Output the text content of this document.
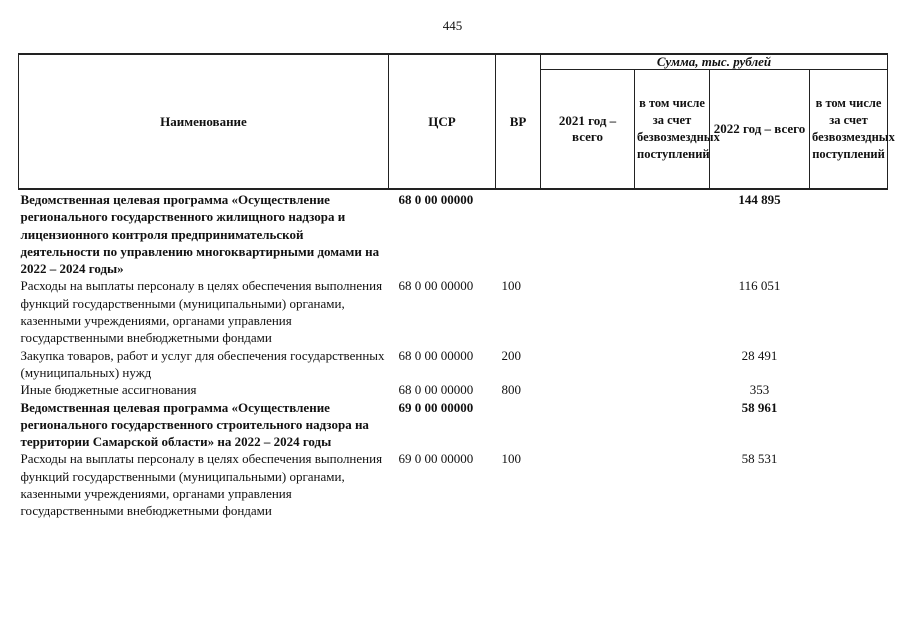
445
Наименование	ЦСР	ВР	Сумма, тыс. рублей			
			2021 год – всего	в том числе за счет безвозмездных поступлений	2022 год – всего	в том числе за счет безвозмездных поступлений
Ведомственная целевая программа «Осуществление регионального государственного жилищного надзора и лицензионного контроля предпринимательской деятельности по управлению многоквартирными домами на 2022 – 2024 годы»	68 0 00 00000				144 895	
Расходы на выплаты персоналу в целях обеспечения выполнения функций государственными (муниципальными) органами, казенными учреждениями, органами управления государственными внебюджетными фондами	68 0 00 00000	100			116 051	
Закупка товаров, работ и услуг для обеспечения государственных (муниципальных) нужд	68 0 00 00000	200			28 491	
Иные бюджетные ассигнования	68 0 00 00000	800			353	
Ведомственная целевая программа «Осуществление регионального государственного строительного надзора на территории Самарской области» на 2022 – 2024 годы	69 0 00 00000				58 961	
Расходы на выплаты персоналу в целях обеспечения выполнения функций государственными (муниципальными) органами, казенными учреждениями, органами управления государственными внебюджетными фондами	69 0 00 00000	100			58 531	
